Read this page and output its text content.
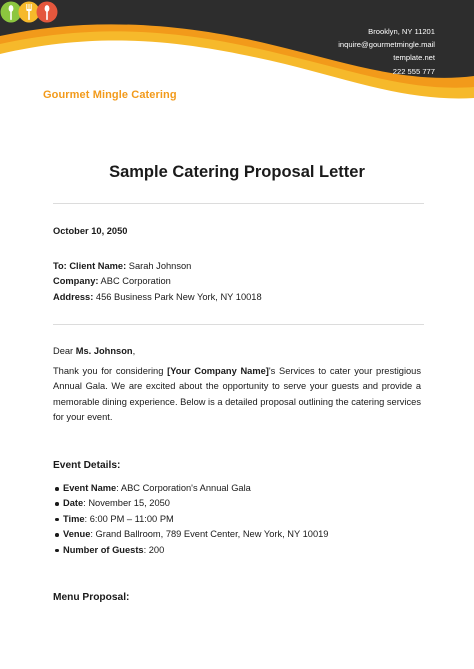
Brooklyn, NY 11201
inquire@gourmetmingle.mail
template.net
222 555 777
Gourmet Mingle Catering
Sample Catering Proposal Letter
October 10, 2050
To: Client Name: Sarah Johnson
Company: ABC Corporation
Address: 456 Business Park New York, NY 10018
Dear Ms. Johnson,
Thank you for considering [Your Company Name]'s Services to cater your prestigious Annual Gala. We are excited about the opportunity to serve your guests and provide a memorable dining experience. Below is a detailed proposal outlining the catering services for your event.
Event Details:
Event Name: ABC Corporation's Annual Gala
Date: November 15, 2050
Time: 6:00 PM – 11:00 PM
Venue: Grand Ballroom, 789 Event Center, New York, NY 10019
Number of Guests: 200
Menu Proposal:
